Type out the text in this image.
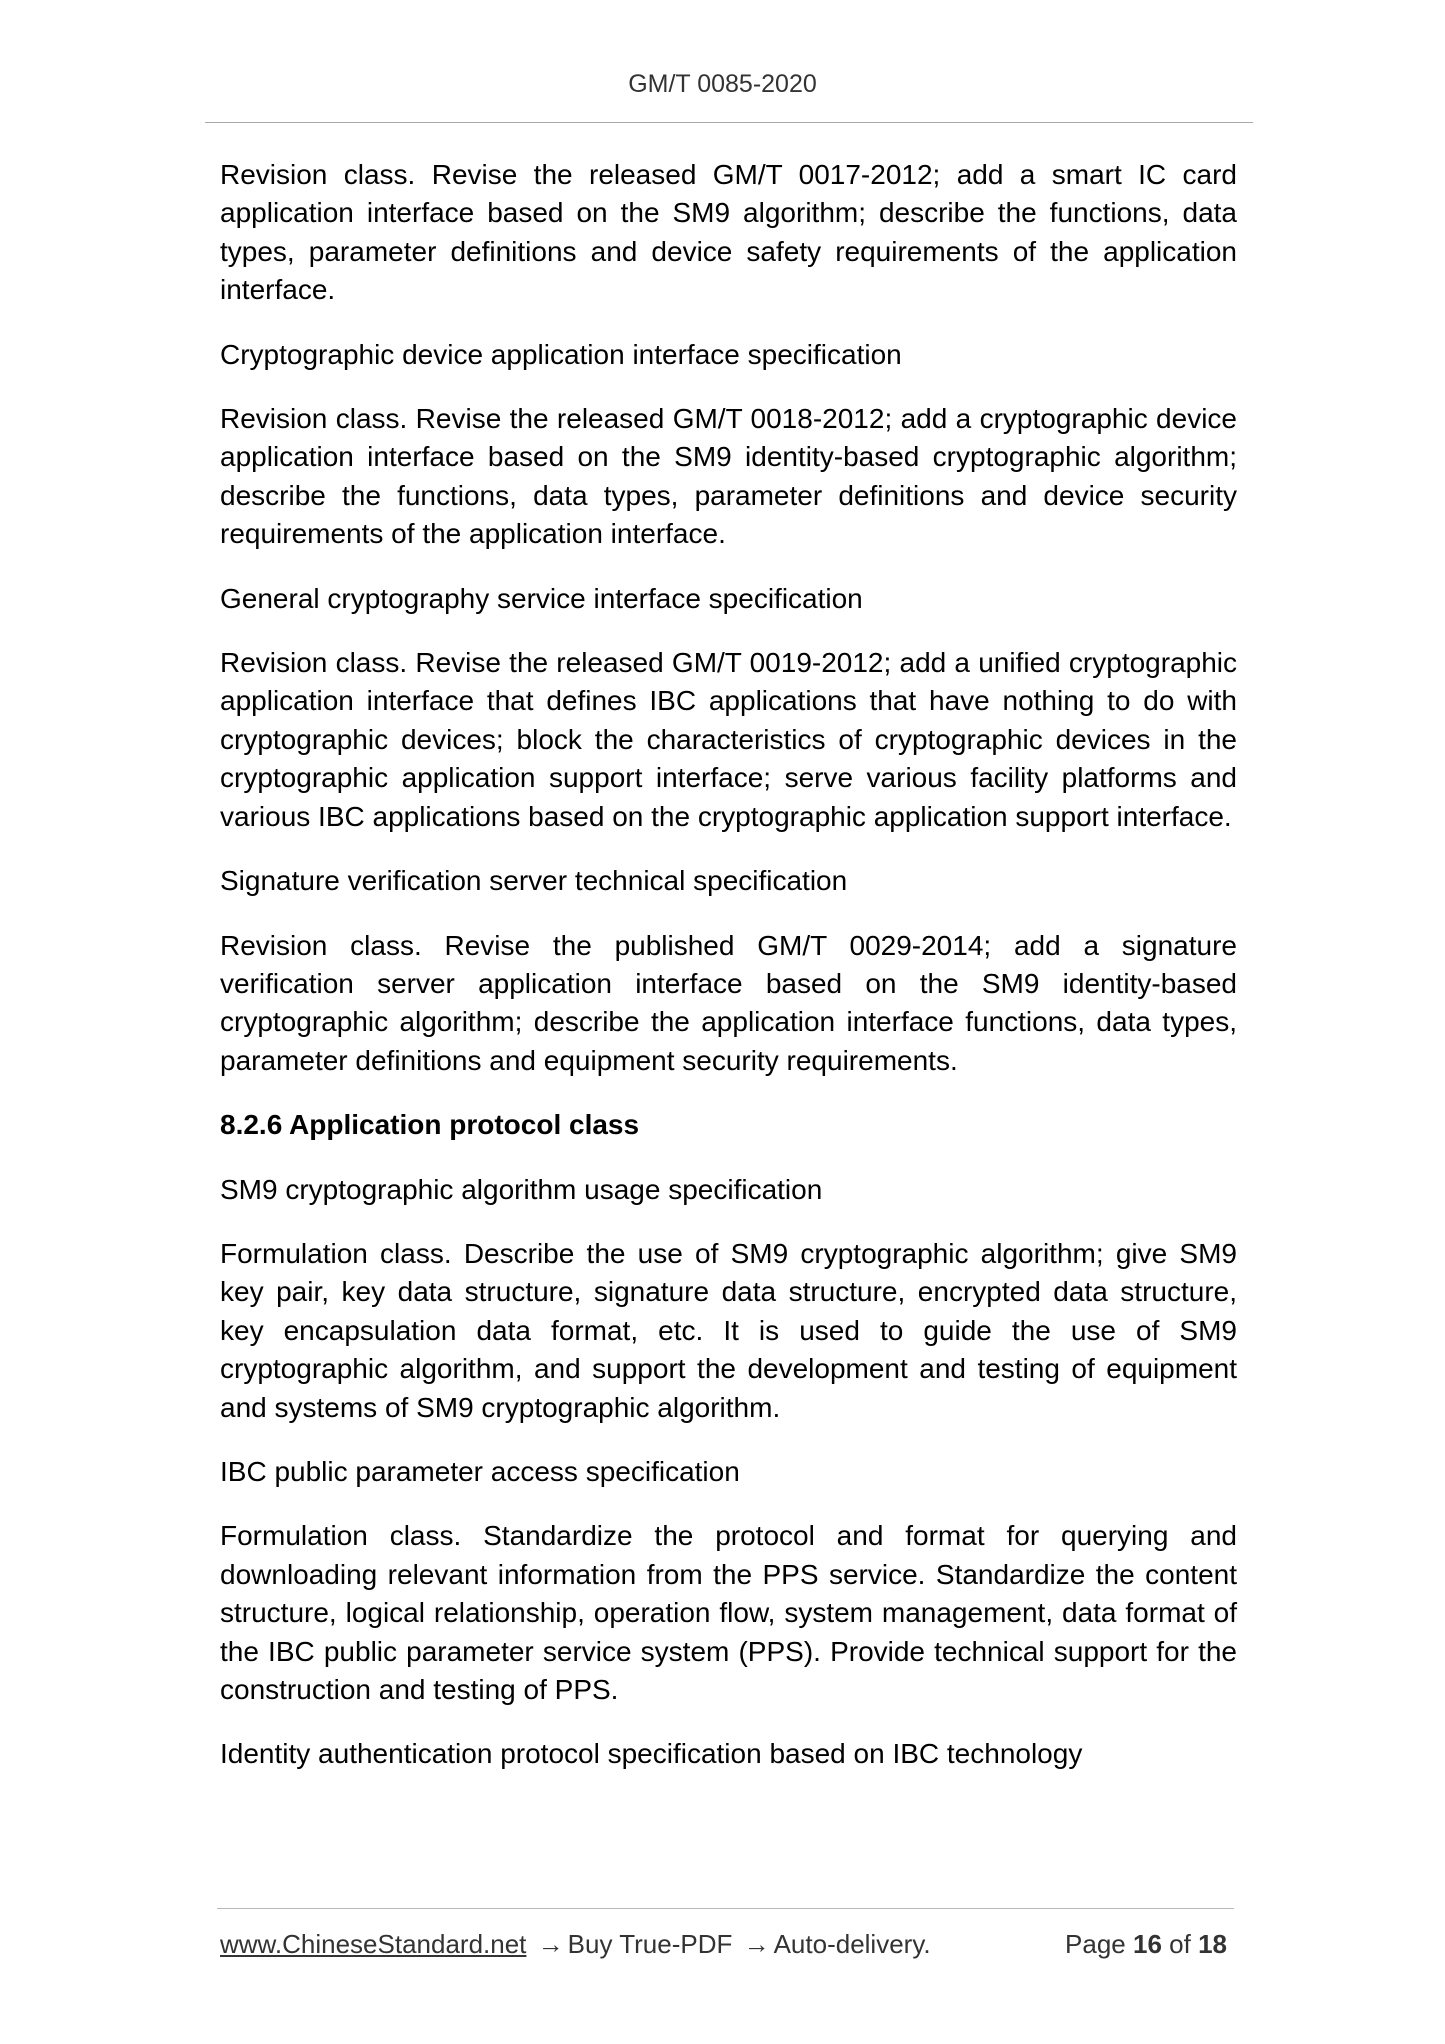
GM/T 0085-2020

Revision class. Revise the released GM/T 0017-2012; add a smart IC card application interface based on the SM9 algorithm; describe the functions, data types, parameter definitions and device safety requirements of the application interface.

Cryptographic device application interface specification

Revision class. Revise the released GM/T 0018-2012; add a cryptographic device application interface based on the SM9 identity-based cryptographic algorithm; describe the functions, data types, parameter definitions and device security requirements of the application interface.

General cryptography service interface specification

Revision class. Revise the released GM/T 0019-2012; add a unified cryptographic application interface that defines IBC applications that have nothing to do with cryptographic devices; block the characteristics of cryptographic devices in the cryptographic application support interface; serve various facility platforms and various IBC applications based on the cryptographic application support interface.

Signature verification server technical specification

Revision class. Revise the published GM/T 0029-2014; add a signature verification server application interface based on the SM9 identity-based cryptographic algorithm; describe the application interface functions, data types, parameter definitions and equipment security requirements.

8.2.6 Application protocol class

SM9 cryptographic algorithm usage specification

Formulation class. Describe the use of SM9 cryptographic algorithm; give SM9 key pair, key data structure, signature data structure, encrypted data structure, key encapsulation data format, etc. It is used to guide the use of SM9 cryptographic algorithm, and support the development and testing of equipment and systems of SM9 cryptographic algorithm.

IBC public parameter access specification

Formulation class. Standardize the protocol and format for querying and downloading relevant information from the PPS service. Standardize the content structure, logical relationship, operation flow, system management, data format of the IBC public parameter service system (PPS). Provide technical support for the construction and testing of PPS.

Identity authentication protocol specification based on IBC technology

www.ChineseStandard.net → Buy True-PDF → Auto-delivery.	Page 16 of 18
